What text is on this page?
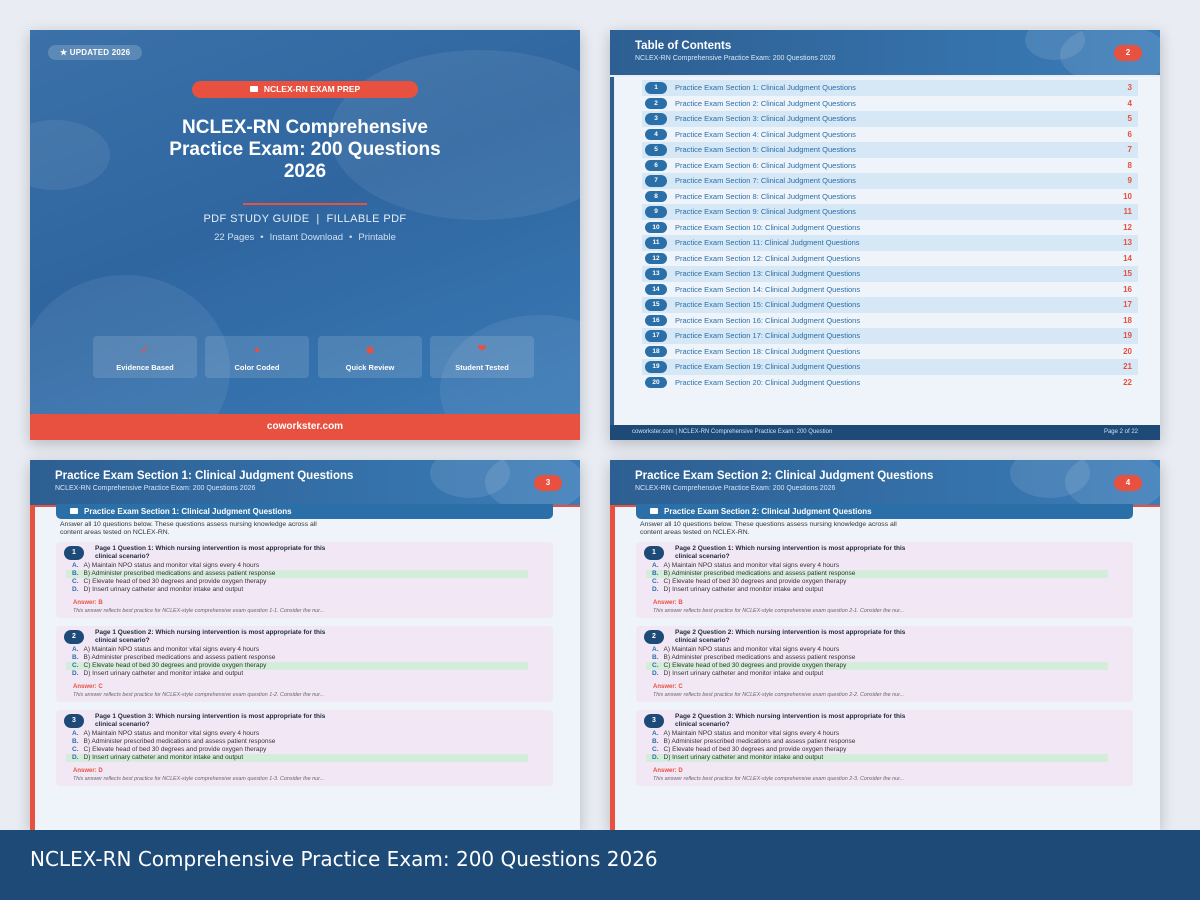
★ UPDATED 2026
NCLEX-RN EXAM PREP
NCLEX-RN Comprehensive
Practice Exam: 200 Questions
2026
PDF STUDY GUIDE  |  FILLABLE PDF
22 Pages • Instant Download • Printable
✓
Evidence Based
▲
Color Coded
■
Quick Review
❤
Student Tested
coworkster.com
Table of Contents
NCLEX-RN Comprehensive Practice Exam: 200 Questions 2026
2
1	Practice Exam Section 1: Clinical Judgment Questions	3
2	Practice Exam Section 2: Clinical Judgment Questions	4
3	Practice Exam Section 3: Clinical Judgment Questions	5
4	Practice Exam Section 4: Clinical Judgment Questions	6
5	Practice Exam Section 5: Clinical Judgment Questions	7
6	Practice Exam Section 6: Clinical Judgment Questions	8
7	Practice Exam Section 7: Clinical Judgment Questions	9
8	Practice Exam Section 8: Clinical Judgment Questions	10
9	Practice Exam Section 9: Clinical Judgment Questions	11
10	Practice Exam Section 10: Clinical Judgment Questions	12
11	Practice Exam Section 11: Clinical Judgment Questions	13
12	Practice Exam Section 12: Clinical Judgment Questions	14
13	Practice Exam Section 13: Clinical Judgment Questions	15
14	Practice Exam Section 14: Clinical Judgment Questions	16
15	Practice Exam Section 15: Clinical Judgment Questions	17
16	Practice Exam Section 16: Clinical Judgment Questions	18
17	Practice Exam Section 17: Clinical Judgment Questions	19
18	Practice Exam Section 18: Clinical Judgment Questions	20
19	Practice Exam Section 19: Clinical Judgment Questions	21
20	Practice Exam Section 20: Clinical Judgment Questions	22
coworkster.com | NCLEX-RN Comprehensive Practice Exam: 200 Question	Page 2 of 22
Practice Exam Section 1: Clinical Judgment Questions
NCLEX-RN Comprehensive Practice Exam: 200 Questions 2026
3
Practice Exam Section 1: Clinical Judgment Questions
Answer all 10 questions below. These questions assess nursing knowledge across all
content areas tested on NCLEX-RN.
1
Page 1 Question 1: Which nursing intervention is most appropriate for this
clinical scenario?
A. A) Maintain NPO status and monitor vital signs every 4 hours
B. B) Administer prescribed medications and assess patient response
C. C) Elevate head of bed 30 degrees and provide oxygen therapy
D. D) Insert urinary catheter and monitor intake and output
Answer: B
This answer reflects best practice for NCLEX-style comprehensive exam question 1-1. Consider the nur...
2
Page 1 Question 2: Which nursing intervention is most appropriate for this
clinical scenario?
A. A) Maintain NPO status and monitor vital signs every 4 hours
B. B) Administer prescribed medications and assess patient response
C. C) Elevate head of bed 30 degrees and provide oxygen therapy
D. D) Insert urinary catheter and monitor intake and output
Answer: C
This answer reflects best practice for NCLEX-style comprehensive exam question 1-2. Consider the nur...
3
Page 1 Question 3: Which nursing intervention is most appropriate for this
clinical scenario?
A. A) Maintain NPO status and monitor vital signs every 4 hours
B. B) Administer prescribed medications and assess patient response
C. C) Elevate head of bed 30 degrees and provide oxygen therapy
D. D) Insert urinary catheter and monitor intake and output
Answer: D
This answer reflects best practice for NCLEX-style comprehensive exam question 1-3. Consider the nur...
Practice Exam Section 2: Clinical Judgment Questions
NCLEX-RN Comprehensive Practice Exam: 200 Questions 2026
4
Practice Exam Section 2: Clinical Judgment Questions
Answer all 10 questions below. These questions assess nursing knowledge across all
content areas tested on NCLEX-RN.
1
Page 2 Question 1: Which nursing intervention is most appropriate for this
clinical scenario?
A. A) Maintain NPO status and monitor vital signs every 4 hours
B. B) Administer prescribed medications and assess patient response
C. C) Elevate head of bed 30 degrees and provide oxygen therapy
D. D) Insert urinary catheter and monitor intake and output
Answer: B
This answer reflects best practice for NCLEX-style comprehensive exam question 2-1. Consider the nur...
2
Page 2 Question 2: Which nursing intervention is most appropriate for this
clinical scenario?
A. A) Maintain NPO status and monitor vital signs every 4 hours
B. B) Administer prescribed medications and assess patient response
C. C) Elevate head of bed 30 degrees and provide oxygen therapy
D. D) Insert urinary catheter and monitor intake and output
Answer: C
This answer reflects best practice for NCLEX-style comprehensive exam question 2-2. Consider the nur...
3
Page 2 Question 3: Which nursing intervention is most appropriate for this
clinical scenario?
A. A) Maintain NPO status and monitor vital signs every 4 hours
B. B) Administer prescribed medications and assess patient response
C. C) Elevate head of bed 30 degrees and provide oxygen therapy
D. D) Insert urinary catheter and monitor intake and output
Answer: D
This answer reflects best practice for NCLEX-style comprehensive exam question 2-3. Consider the nur...
NCLEX-RN Comprehensive Practice Exam: 200 Questions 2026
